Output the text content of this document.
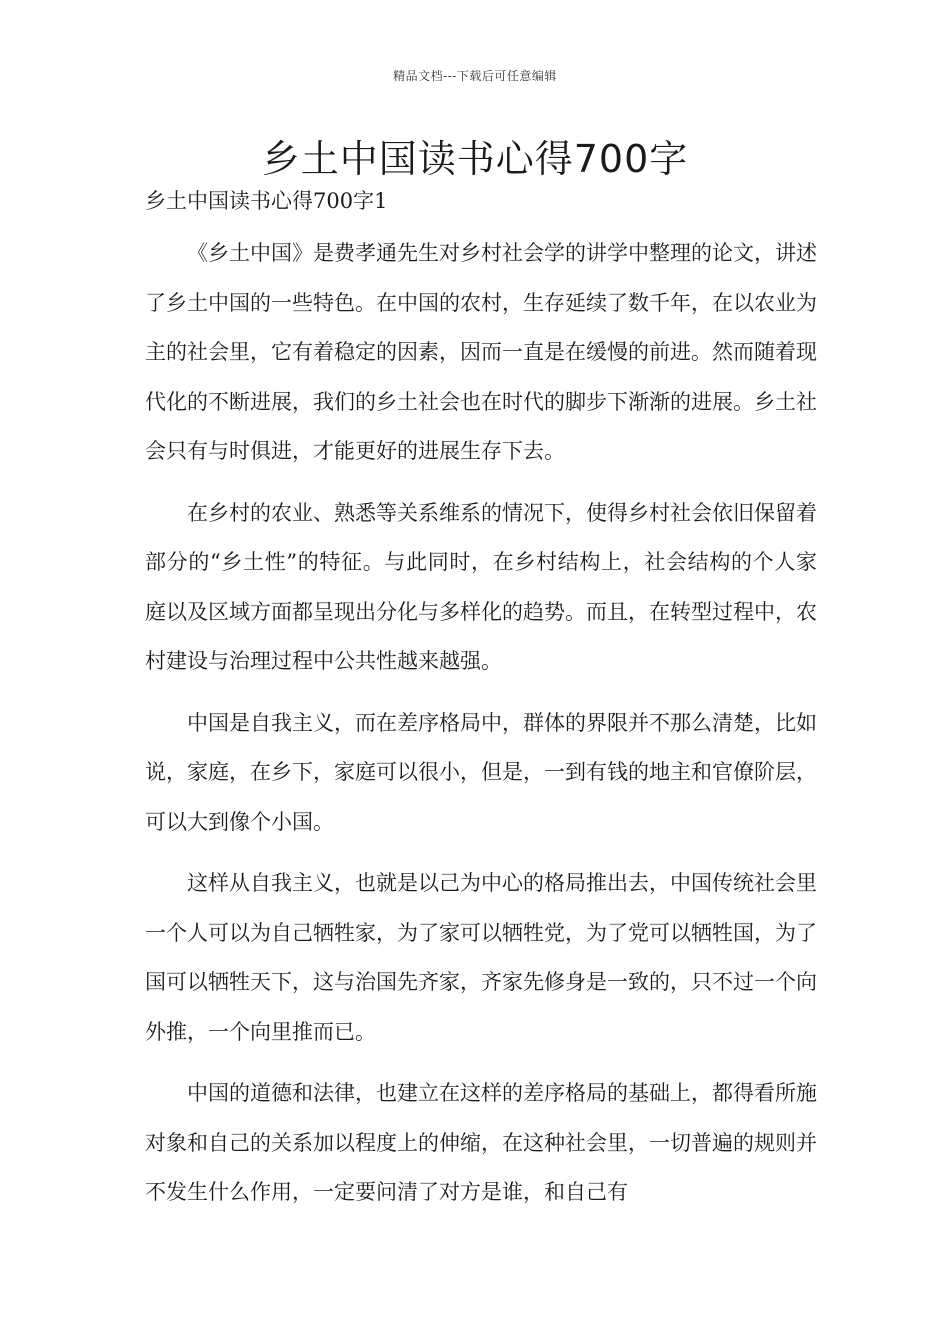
精品文档---下载后可任意编辑
乡土中国读书心得700字
乡土中国读书心得700字1

《乡土中国》是费孝通先生对乡村社会学的讲学中整理的论文，讲述了乡土中国的一些特色。在中国的农村，生存延续了数千年，在以农业为主的社会里，它有着稳定的因素，因而一直是在缓慢的前进。然而随着现代化的不断进展，我们的乡土社会也在时代的脚步下渐渐的进展。乡土社会只有与时俱进，才能更好的进展生存下去。

在乡村的农业、熟悉等关系维系的情况下，使得乡村社会依旧保留着部分的“乡土性”的特征。与此同时，在乡村结构上，社会结构的个人家庭以及区域方面都呈现出分化与多样化的趋势。而且，在转型过程中，农村建设与治理过程中公共性越来越强。

中国是自我主义，而在差序格局中，群体的界限并不那么清楚，比如说，家庭，在乡下，家庭可以很小，但是，一到有钱的地主和官僚阶层，可以大到像个小国。

这样从自我主义，也就是以己为中心的格局推出去，中国传统社会里一个人可以为自己牺牲家，为了家可以牺牲党，为了党可以牺牲国，为了国可以牺牲天下，这与治国先齐家，齐家先修身是一致的，只不过一个向外推，一个向里推而已。

中国的道德和法律，也建立在这样的差序格局的基础上，都得看所施对象和自己的关系加以程度上的伸缩，在这种社会里，一切普遍的规则并不发生什么作用，一定要问清了对方是谁，和自己有
